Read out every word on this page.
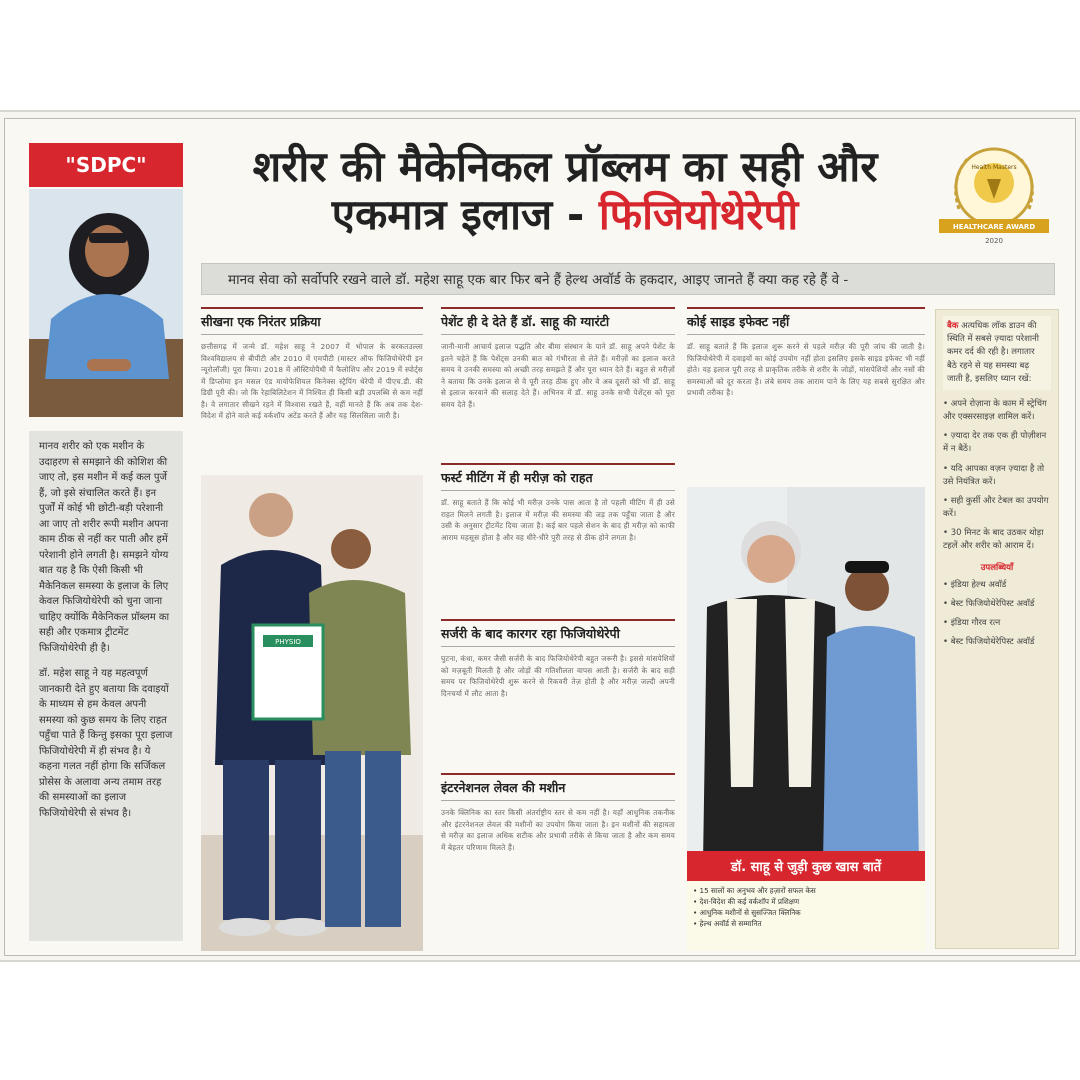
"SDPC"	शरीर की मैकेनिकल प्रॉब्लम का सही और
एकमात्र इलाज - फिजियोथेरेपी
Health Masters
HEALTHCARE AWARD
2020
मानव सेवा को सर्वोपरि रखने वाले डॉ. महेश साहू एक बार फिर बने हैं हेल्थ अवॉर्ड के हकदार, आइए जानते हैं क्या कह रहे हैं वे -

मानव शरीर को एक मशीन के उदाहरण से समझाने की कोशिश की जाए तो, इस मशीन में कई कल पुर्जे हैं, जो इसे संचालित करते हैं। इन पुर्जों में कोई भी छोटी-बड़ी परेशानी आ जाए तो शरीर रूपी मशीन अपना काम ठीक से नहीं कर पाती और हमें परेशानी होने लगती है। समझने योग्य बात यह है कि ऐसी किसी भी मैकेनिकल समस्या के इलाज के लिए केवल फिजियोथेरेपी को चुना जाना चाहिए क्योंकि मैकेनिकल प्रॉब्लम का सही और एकमात्र ट्रीटमेंट फिजियोथेरेपी ही है।

डॉ. महेश साहू ने यह महत्वपूर्ण जानकारी देते हुए बताया कि दवाइयों के माध्यम से हम केवल अपनी समस्या को कुछ समय के लिए राहत पहुँचा पाते हैं किन्तु इसका पूरा इलाज फिजियोथेरेपी में ही संभव है। ये कहना गलत नहीं होगा कि सर्जिकल प्रोसेस के अलावा अन्य तमाम तरह की समस्याओं का इलाज फिजियोथेरेपी से संभव है।

सीखना एक निरंतर प्रक्रिया

छत्तीसगढ़ में जन्मे डॉ. महेश साहू ने 2007 में भोपाल के बरकतउल्ला विश्वविद्यालय से बीपीटी और 2010 में एमपीटी (मास्टर ऑफ फिजियोथेरेपी इन न्यूरोलॉजी) पूरा किया। 2018 में ऑस्टियोपैथी में फैलोशिप और 2019 में स्पोर्ट्स में डिप्लोमा इन मसल एंड मायोफेशियल किनेक्स स्ट्रैपिंग थेरेपी में पीएच.डी. की डिग्री पूरी की। जो कि रेहाबिलिटेशन में निश्चित ही किसी बड़ी उपलब्धि से कम नहीं है। वे लगातार सीखने रहने में विश्वास रखते हैं, वहीं मानते हैं कि अब तक देश-विदेश में होने वाले कई वर्कशॉप अटेंड करते हैं और यह सिलसिला जारी है।

PHYSIO
पेशेंट ही दे देते हैं डॉ. साहू की ग्यारंटी

जानी-मानी आचार्य इलाज पद्धति और बीमा संस्थान के पाने डॉ. साहू अपने पेशेंट के इतने चहेते हैं कि पेशेंट्स उनकी बात को गंभीरता से लेते हैं। मरीज़ों का इलाज करते समय वे उनकी समस्या को अच्छी तरह समझते हैं और पूरा ध्यान देते हैं। बहुत से मरीज़ों ने बताया कि उनके इलाज से वे पूरी तरह ठीक हुए और वे अब दूसरों को भी डॉ. साहू से इलाज करवाने की सलाह देते हैं। अभिनव में डॉ. साहू उनके सभी पेशेंट्स को पूरा समय देते हैं।

फर्स्ट मीटिंग में ही मरीज़ को राहत

डॉ. साहू बताते हैं कि कोई भी मरीज़ उनके पास आता है तो पहली मीटिंग में ही उसे राहत मिलने लगती है। इलाज में मरीज़ की समस्या की जड़ तक पहुँचा जाता है और उसी के अनुसार ट्रीटमेंट दिया जाता है। कई बार पहले सेशन के बाद ही मरीज़ को काफी आराम महसूस होता है और वह धीरे-धीरे पूरी तरह से ठीक होने लगता है।

सर्जरी के बाद कारगर रहा फिजियोथेरेपी

घुटना, कंधा, कमर जैसी सर्जरी के बाद फिजियोथेरेपी बहुत जरूरी है। इससे मांसपेशियों को मज़बूती मिलती है और जोड़ों की गतिशीलता वापस आती है। सर्जरी के बाद सही समय पर फिजियोथेरेपी शुरू करने से रिकवरी तेज़ होती है और मरीज़ जल्दी अपनी दिनचर्या में लौट आता है।

इंटरनेशनल लेवल की मशीन

उनके क्लिनिक का स्तर किसी अंतर्राष्ट्रीय स्तर से कम नहीं है। यहाँ आधुनिक तकनीक और इंटरनेशनल लेवल की मशीनों का उपयोग किया जाता है। इन मशीनों की सहायता से मरीज़ का इलाज अधिक सटीक और प्रभावी तरीके से किया जाता है और कम समय में बेहतर परिणाम मिलते हैं।

कोई साइड इफेक्ट नहीं

डॉ. साहू बताते हैं कि इलाज शुरू करने से पहले मरीज़ की पूरी जांच की जाती है। फिजियोथेरेपी में दवाइयों का कोई उपयोग नहीं होता इसलिए इसके साइड इफेक्ट भी नहीं होते। यह इलाज पूरी तरह से प्राकृतिक तरीके से शरीर के जोड़ों, मांसपेशियों और नसों की समस्याओं को दूर करता है। लंबे समय तक आराम पाने के लिए यह सबसे सुरक्षित और प्रभावी तरीका है।

डॉ. साहू से जुड़ी कुछ खास बातें
• 15 सालों का अनुभव और हज़ारों सफल केस
• देश-विदेश की कई वर्कशॉप में प्रशिक्षण
• आधुनिक मशीनों से सुसज्जित क्लिनिक
• हेल्थ अवॉर्ड से सम्मानित
बैक अत्यधिक लॉक डाउन की स्थिति में सबसे ज़्यादा परेशानी कमर दर्द की रही है। लगातार बैठे रहने से यह समस्या बढ़ जाती है, इसलिए ध्यान रखें:
• अपने रोज़ाना के काम में स्ट्रेचिंग और एक्सरसाइज़ शामिल करें।
• ज़्यादा देर तक एक ही पोज़ीशन में न बैठें।
• यदि आपका वज़न ज़्यादा है तो उसे नियंत्रित करें।
• सही कुर्सी और टेबल का उपयोग करें।
• 30 मिनट के बाद उठकर थोड़ा टहलें और शरीर को आराम दें।
उपलब्धियाँ
• इंडिया हेल्थ अवॉर्ड
• बेस्ट फिजियोथेरेपिस्ट अवॉर्ड
• इंडिया गौरव रत्न
• बेस्ट फिजियोथेरेपिस्ट अवॉर्ड
